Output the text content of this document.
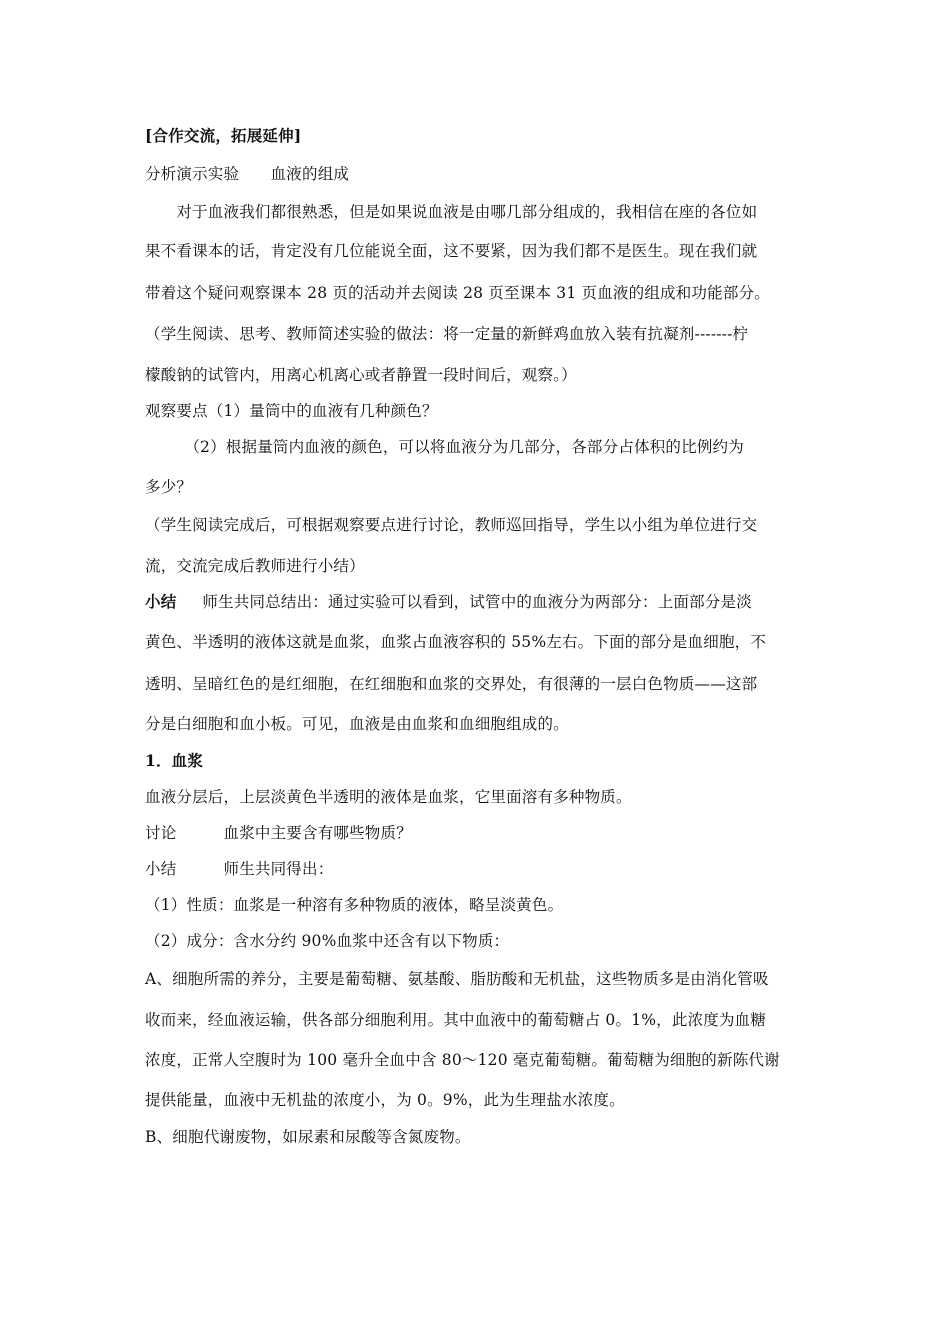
[合作交流，拓展延伸]
分析演示实验　　血液的组成
　　对于血液我们都很熟悉，但是如果说血液是由哪几部分组成的，我相信在座的各位如
果不看课本的话，肯定没有几位能说全面，这不要紧，因为我们都不是医生。现在我们就
带着这个疑问观察课本 28 页的活动并去阅读 28 页至课本 31 页血液的组成和功能部分。
（学生阅读、思考、教师简述实验的做法：将一定量的新鲜鸡血放入装有抗凝剂-------柠
檬酸钠的试管内，用离心机离心或者静置一段时间后，观察。）
观察要点（1）量筒中的血液有几种颜色？
　　　（2）根据量筒内血液的颜色，可以将血液分为几部分，各部分占体积的比例约为
多少？
（学生阅读完成后，可根据观察要点进行讨论，教师巡回指导，学生以小组为单位进行交
流，交流完成后教师进行小结）
小结 师生共同总结出：通过实验可以看到，试管中的血液分为两部分：上面部分是淡
黄色、半透明的液体这就是血浆，血浆占血液容积的 55%左右。下面的部分是血细胞，不
透明、呈暗红色的是红细胞，在红细胞和血浆的交界处，有很薄的一层白色物质——这部
分是白细胞和血小板。可见，血液是由血浆和血细胞组成的。
1．血浆
血液分层后，上层淡黄色半透明的液体是血浆，它里面溶有多种物质。
讨论　　　血浆中主要含有哪些物质？
小结　　　师生共同得出：
（1）性质：血浆是一种溶有多种物质的液体，略呈淡黄色。
（2）成分：含水分约 90%血浆中还含有以下物质：
A、细胞所需的养分，主要是葡萄糖、氨基酸、脂肪酸和无机盐，这些物质多是由消化管吸
收而来，经血液运输，供各部分细胞利用。其中血液中的葡萄糖占 0。1%，此浓度为血糖
浓度，正常人空腹时为 100 毫升全血中含 80～120 毫克葡萄糖。葡萄糖为细胞的新陈代谢
提供能量，血液中无机盐的浓度小，为 0。9%，此为生理盐水浓度。
B、细胞代谢废物，如尿素和尿酸等含氮废物。
